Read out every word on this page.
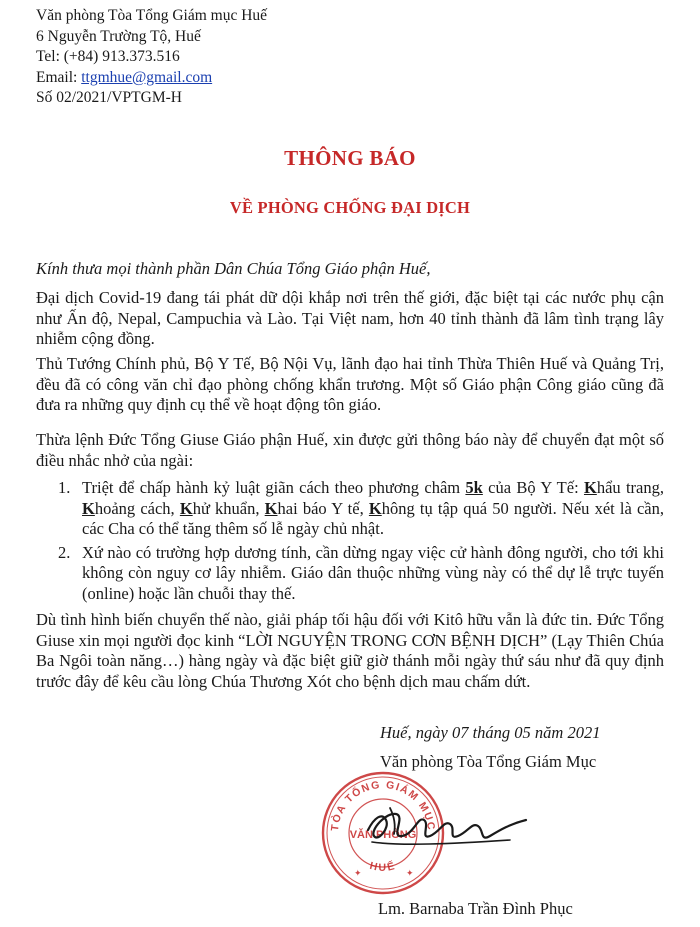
Văn phòng Tòa Tổng Giám mục Huế
6 Nguyễn Trường Tộ, Huế
Tel: (+84) 913.373.516
Email: ttgmhue@gmail.com
Số 02/2021/VPTGM-H
THÔNG BÁO
VỀ PHÒNG CHỐNG ĐẠI DỊCH
Kính thưa mọi thành phần Dân Chúa Tổng Giáo phận Huế,

Đại dịch Covid-19 đang tái phát dữ dội khắp nơi trên thế giới, đặc biệt tại các nước phụ cận như Ấn độ, Nepal, Campuchia và Lào. Tại Việt nam, hơn 40 tỉnh thành đã lâm tình trạng lây nhiễm cộng đồng.

Thủ Tướng Chính phủ, Bộ Y Tế, Bộ Nội Vụ, lãnh đạo hai tỉnh Thừa Thiên Huế và Quảng Trị, đều đã có công văn chỉ đạo phòng chống khẩn trương. Một số Giáo phận Công giáo cũng đã đưa ra những quy định cụ thể về hoạt động tôn giáo.

Thừa lệnh Đức Tổng Giuse Giáo phận Huế, xin được gửi thông báo này để chuyển đạt một số điều nhắc nhở của ngài:

1. Triệt để chấp hành kỷ luật giãn cách theo phương châm 5k của Bộ Y Tế: Khẩu trang, Khoảng cách, Khử khuẩn, Khai báo Y tế, Không tụ tập quá 50 người. Nếu xét là cần, các Cha có thể tăng thêm số lễ ngày chủ nhật.
2. Xứ nào có trường hợp dương tính, cần dừng ngay việc cử hành đông người, cho tới khi không còn nguy cơ lây nhiễm. Giáo dân thuộc những vùng này có thể dự lễ trực tuyến (online) hoặc lần chuỗi thay thế.

Dù tình hình biến chuyển thế nào, giải pháp tối hậu đối với Kitô hữu vẫn là đức tin. Đức Tổng Giuse xin mọi người đọc kinh “LỜI NGUYỆN TRONG CƠN BỆNH DỊCH” (Lạy Thiên Chúa Ba Ngôi toàn năng…) hàng ngày và đặc biệt giữ giờ thánh mỗi ngày thứ sáu như đã quy định trước đây để kêu cầu lòng Chúa Thương Xót cho bệnh dịch mau chấm dứt.

Huế, ngày 07 tháng 05 năm 2021
Văn phòng Tòa Tổng Giám Mục
TÒA TỔNG GIÁM MỤC
VĂN PHÒNG
HUẾ
✦	✦
Lm. Barnaba Trần Đình Phục
